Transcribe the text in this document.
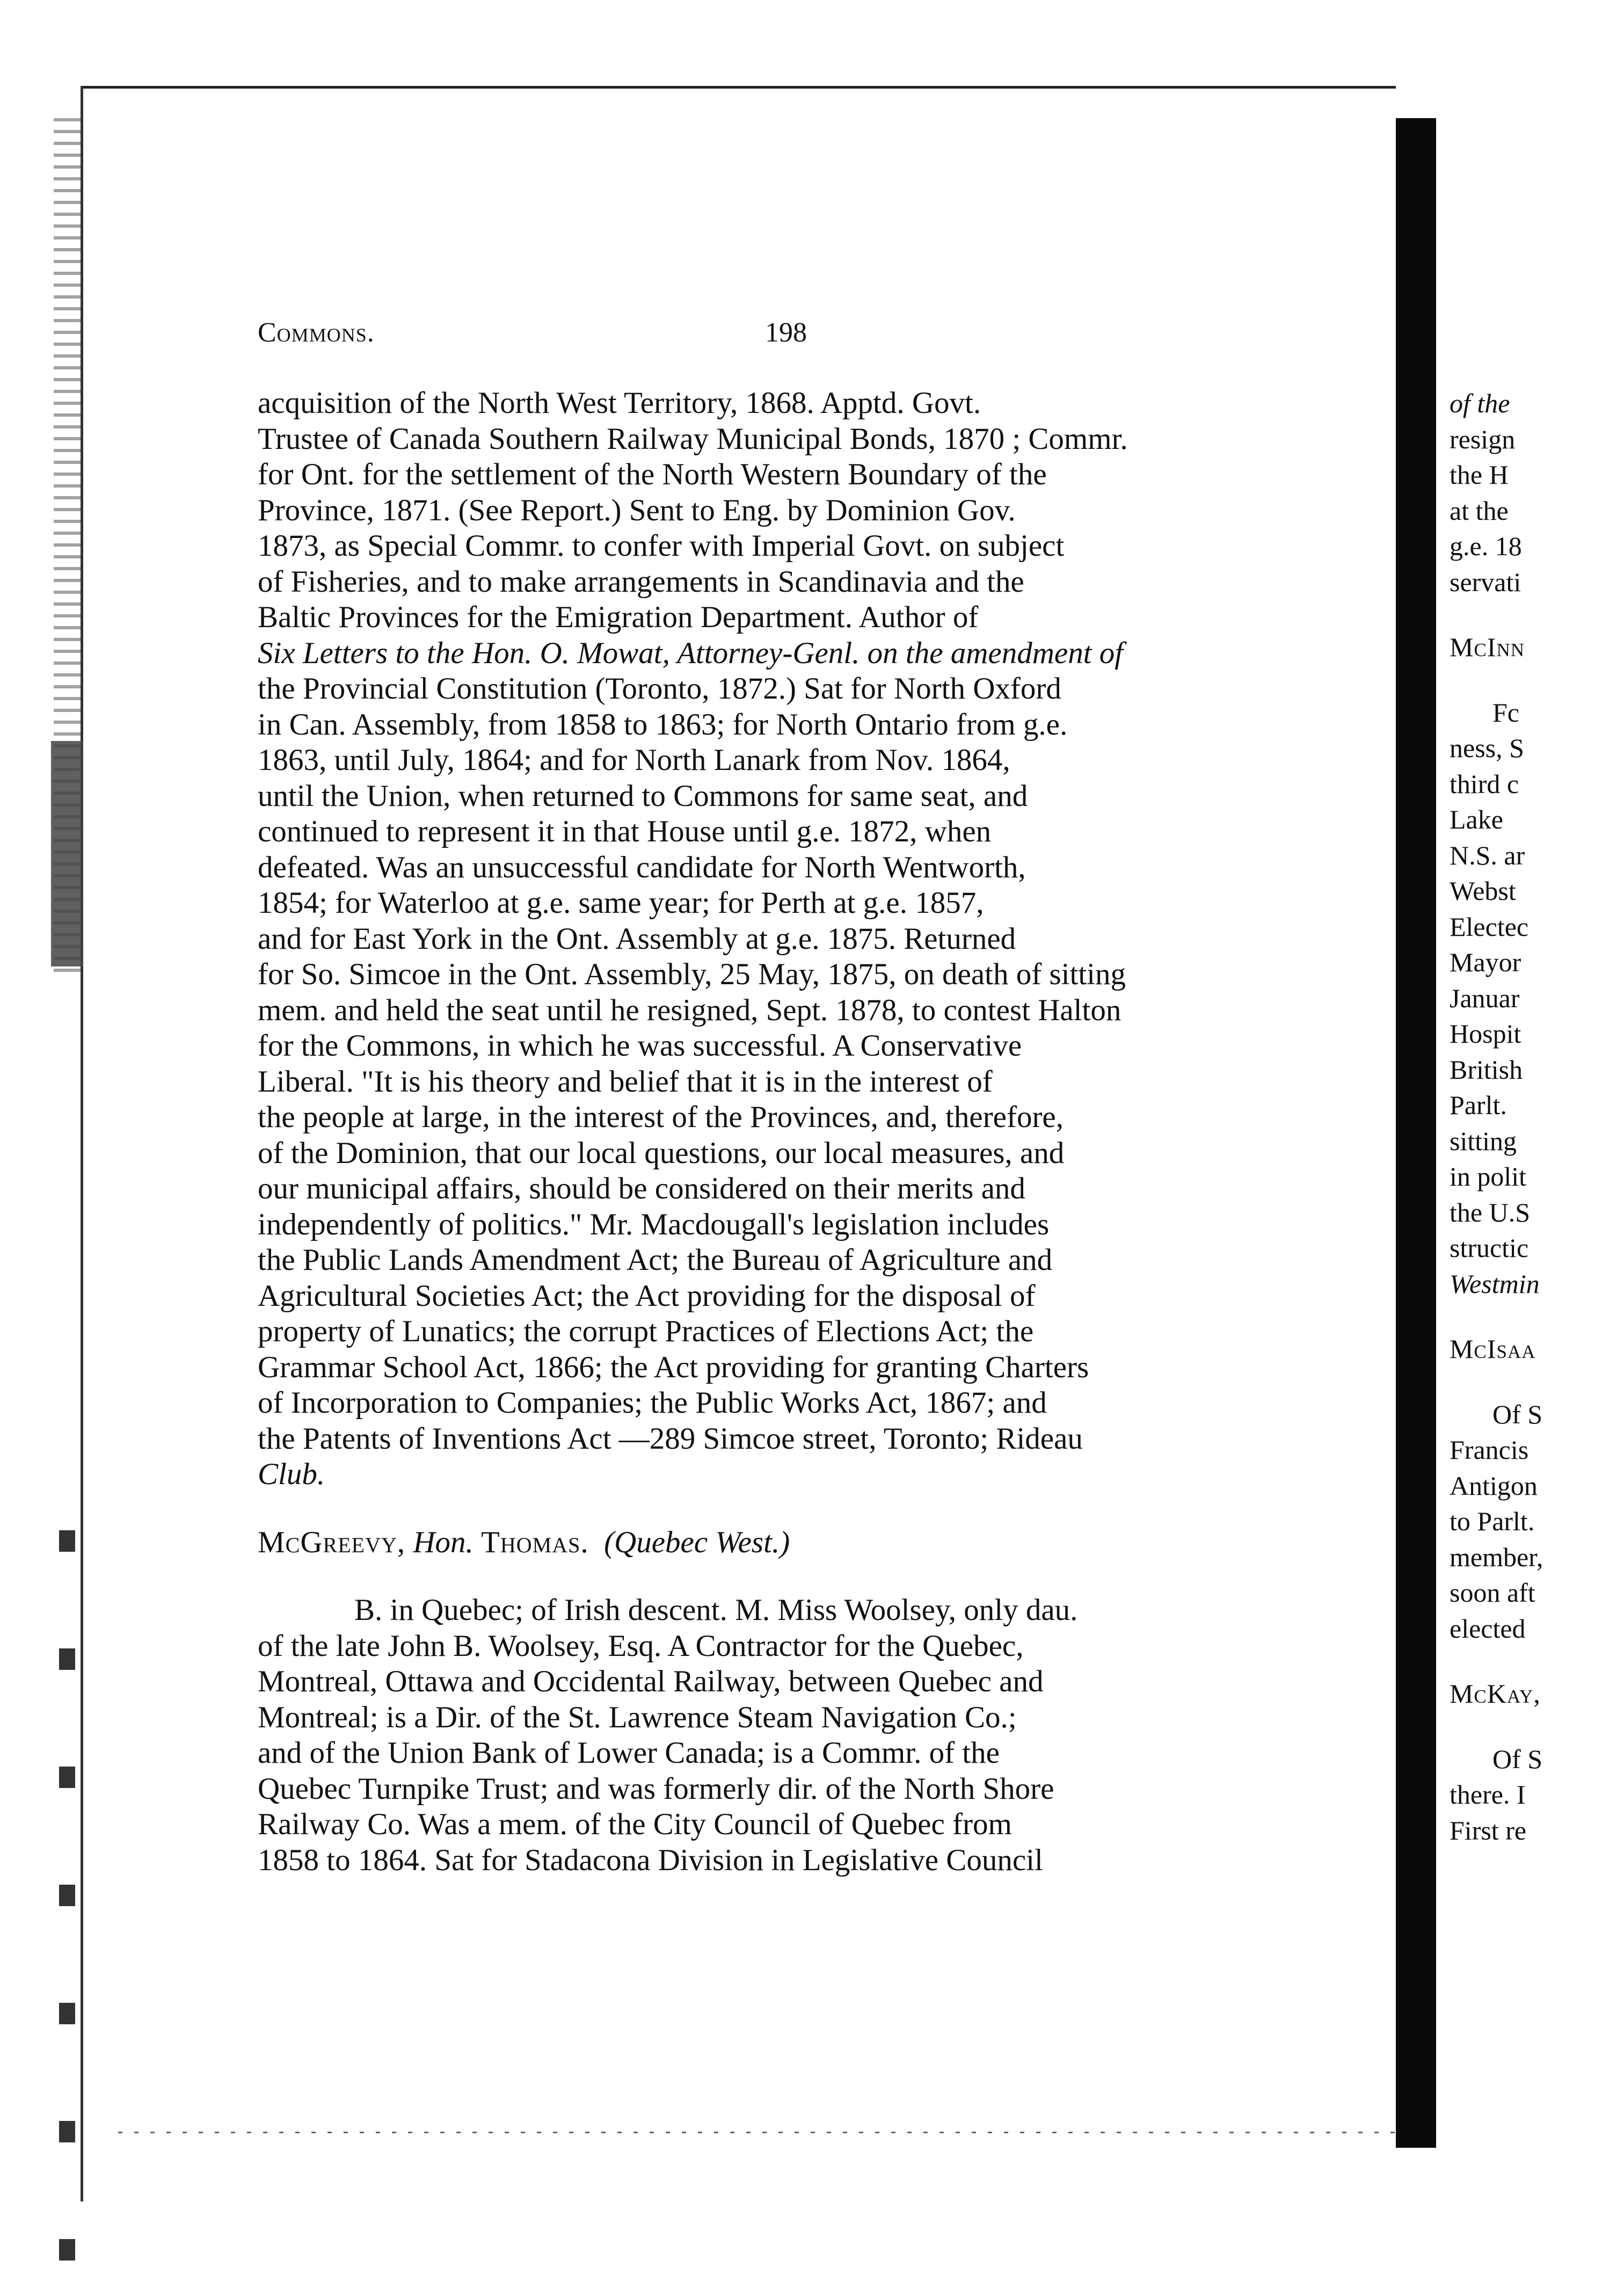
Commons.	198
acquisition of the North West Territory, 1868. Apptd. Govt.
Trustee of Canada Southern Railway Municipal Bonds, 1870 ; Commr.
for Ont. for the settlement of the North Western Boundary of the
Province, 1871. (See Report.) Sent to Eng. by Dominion Gov.
1873, as Special Commr. to confer with Imperial Govt. on subject
of Fisheries, and to make arrangements in Scandinavia and the
Baltic Provinces for the Emigration Department. Author of
Six Letters to the Hon. O. Mowat, Attorney-Genl. on the amendment of
the Provincial Constitution (Toronto, 1872.) Sat for North Oxford
in Can. Assembly, from 1858 to 1863; for North Ontario from g.e.
1863, until July, 1864; and for North Lanark from Nov. 1864,
until the Union, when returned to Commons for same seat, and
continued to represent it in that House until g.e. 1872, when
defeated. Was an unsuccessful candidate for North Wentworth,
1854; for Waterloo at g.e. same year; for Perth at g.e. 1857,
and for East York in the Ont. Assembly at g.e. 1875. Returned
for So. Simcoe in the Ont. Assembly, 25 May, 1875, on death of sitting
mem. and held the seat until he resigned, Sept. 1878, to contest Halton
for the Commons, in which he was successful. A Conservative
Liberal. "It is his theory and belief that it is in the interest of
the people at large, in the interest of the Provinces, and, therefore,
of the Dominion, that our local questions, our local measures, and
our municipal affairs, should be considered on their merits and
independently of politics." Mr. Macdougall's legislation includes
the Public Lands Amendment Act; the Bureau of Agriculture and
Agricultural Societies Act; the Act providing for the disposal of
property of Lunatics; the corrupt Practices of Elections Act; the
Grammar School Act, 1866; the Act providing for granting Charters
of Incorporation to Companies; the Public Works Act, 1867; and
the Patents of Inventions Act —289 Simcoe street, Toronto; Rideau
Club.
McGreevy, Hon. Thomas. (Quebec West.)
B. in Quebec; of Irish descent. M. Miss Woolsey, only dau.
of the late John B. Woolsey, Esq. A Contractor for the Quebec,
Montreal, Ottawa and Occidental Railway, between Quebec and
Montreal; is a Dir. of the St. Lawrence Steam Navigation Co.;
and of the Union Bank of Lower Canada; is a Commr. of the
Quebec Turnpike Trust; and was formerly dir. of the North Shore
Railway Co. Was a mem. of the City Council of Quebec from
1858 to 1864. Sat for Stadacona Division in Legislative Council
of the
resign
the H
at the
g.e. 18
servati
McInn
Fc
ness, S
third c
Lake
N.S. ar
Webst
Electec
Mayor
Januar
Hospit
British
Parlt.
sitting
in polit
the U.S
structic
Westmin
McIsaa
Of S
Francis
Antigon
to Parlt.
member,
soon aft
elected
McKay,
Of S
there. I
First re
